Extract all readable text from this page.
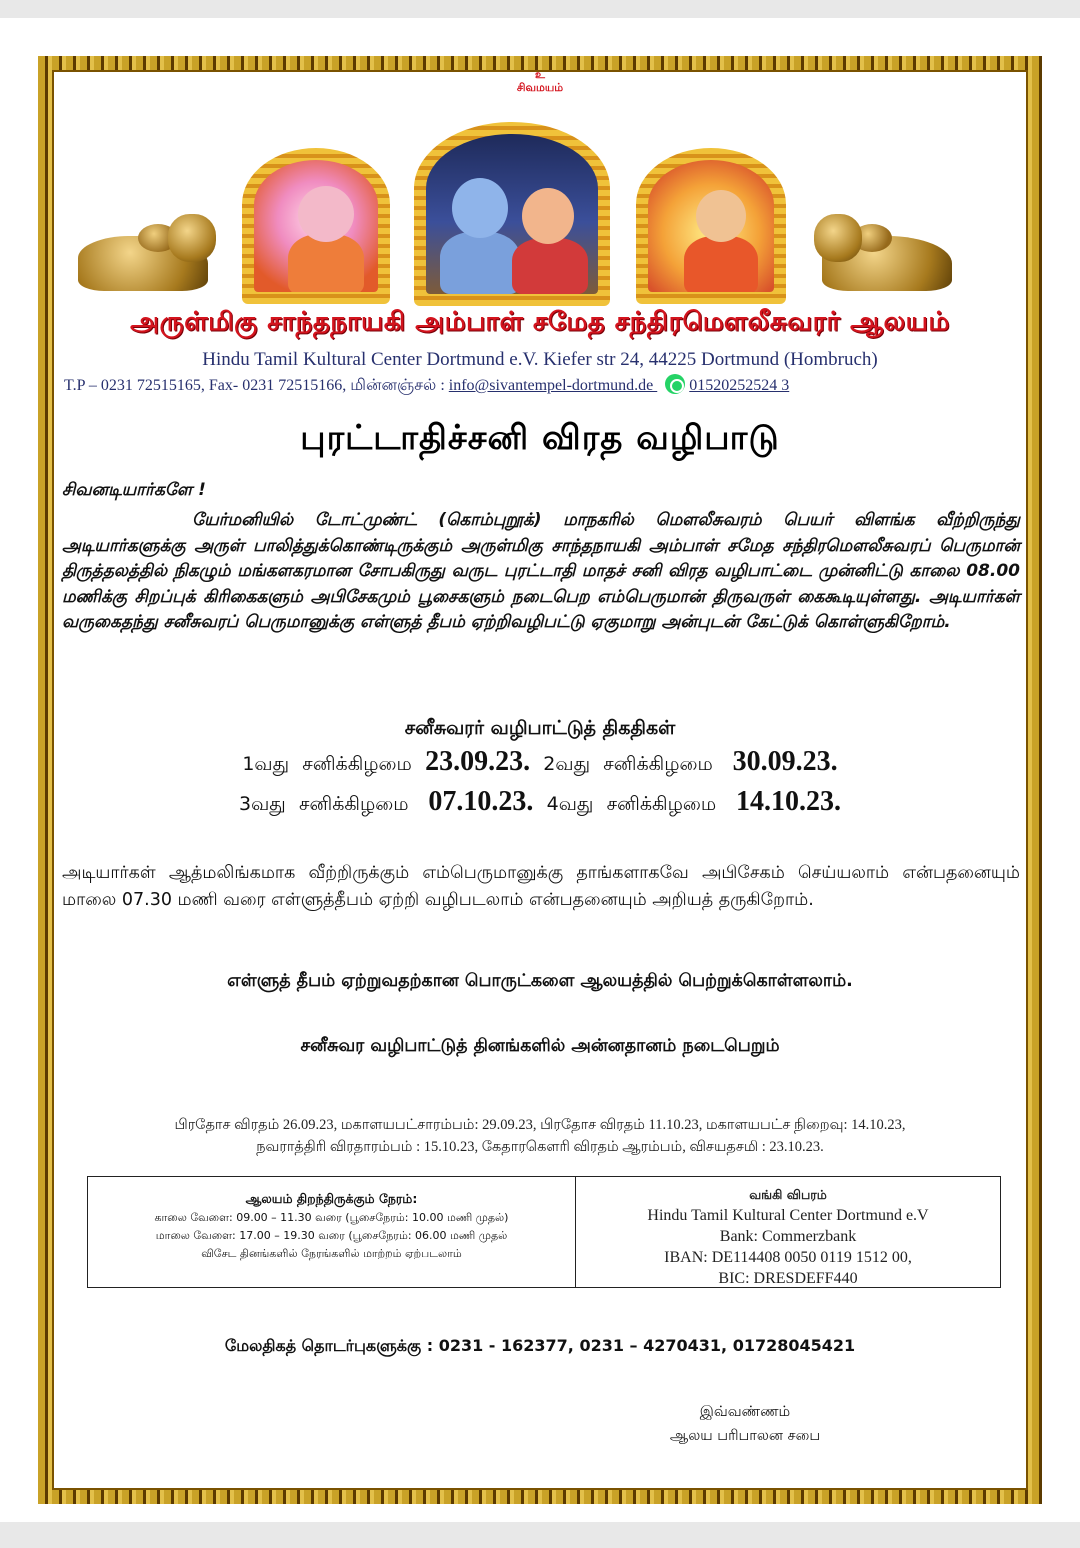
உ
சிவமயம்
அருள்மிகு சாந்தநாயகி அம்பாள் சமேத சந்திரமௌலீசுவரர் ஆலயம்
Hindu Tamil Kultural Center Dortmund e.V. Kiefer str 24, 44225 Dortmund (Hombruch)
T.P – 0231 72515165, Fax- 0231 72515166, மின்னஞ்சல் : info@sivantempel-dortmund.de 01520252524 3
புரட்டாதிச்சனி விரத வழிபாடு
சிவனடியார்களே !
யேர்மனியில் டோட்முண்ட் (கொம்புறூக்) மாநகரில் மௌலீசுவரம் பெயர் விளங்க வீற்றிருந்து அடியார்களுக்கு அருள் பாலித்துக்கொண்டிருக்கும் அருள்மிகு சாந்தநாயகி அம்பாள் சமேத சந்திரமௌலீசுவரப் பெருமான் திருத்தலத்தில் நிகழும் மங்களகரமான சோபகிருது வருட புரட்டாதி மாதச் சனி விரத வழிபாட்டை முன்னிட்டு காலை 08.00 மணிக்கு சிறப்புக் கிரிகைகளும் அபிசேகமும் பூசைகளும் நடைபெற எம்பெருமான் திருவருள் கைகூடியுள்ளது. அடியார்கள் வருகைதந்து சனீசுவரப் பெருமானுக்கு எள்ளுத் தீபம் ஏற்றிவழிபட்டு ஏகுமாறு அன்புடன் கேட்டுக் கொள்ளுகிறோம்.
சனீசுவரர் வழிபாட்டுத் திகதிகள்
1வது சனிக்கிழமை 23.09.23. 2வது சனிக்கிழமை 30.09.23.
3வது சனிக்கிழமை 07.10.23. 4வது சனிக்கிழமை 14.10.23.
அடியார்கள் ஆத்மலிங்கமாக வீற்றிருக்கும் எம்பெருமானுக்கு தாங்களாகவே அபிசேகம் செய்யலாம் என்பதனையும் மாலை 07.30 மணி வரை எள்ளுத்தீபம் ஏற்றி வழிபடலாம் என்பதனையும் அறியத் தருகிறோம்.
எள்ளுத் தீபம் ஏற்றுவதற்கான பொருட்களை ஆலயத்தில் பெற்றுக்கொள்ளலாம்.
சனீசுவர வழிபாட்டுத் தினங்களில் அன்னதானம் நடைபெறும்
பிரதோச விரதம் 26.09.23, மகாளயபட்சாரம்பம்: 29.09.23, பிரதோச விரதம் 11.10.23, மகாளயபட்ச நிறைவு: 14.10.23,
நவராத்திரி விரதாரம்பம் : 15.10.23, கேதாரகௌரி விரதம் ஆரம்பம், விசயதசமி : 23.10.23.
ஆலயம் திறந்திருக்கும் நேரம்:
காலை வேளை: 09.00 – 11.30 வரை (பூசைநேரம்: 10.00 மணி முதல்)
மாலை வேளை: 17.00 – 19.30 வரை (பூசைநேரம்: 06.00 மணி முதல்
விசேட தினங்களில் நேரங்களில் மாற்றம் ஏற்படலாம்
வங்கி விபரம்
Hindu Tamil Kultural Center Dortmund e.V
Bank: Commerzbank
IBAN: DE114408 0050 0119 1512 00,
BIC: DRESDEFF440
மேலதிகத் தொடர்புகளுக்கு : 0231 - 162377, 0231 – 4270431, 01728045421
இவ்வண்ணம்
ஆலய பரிபாலன சபை
